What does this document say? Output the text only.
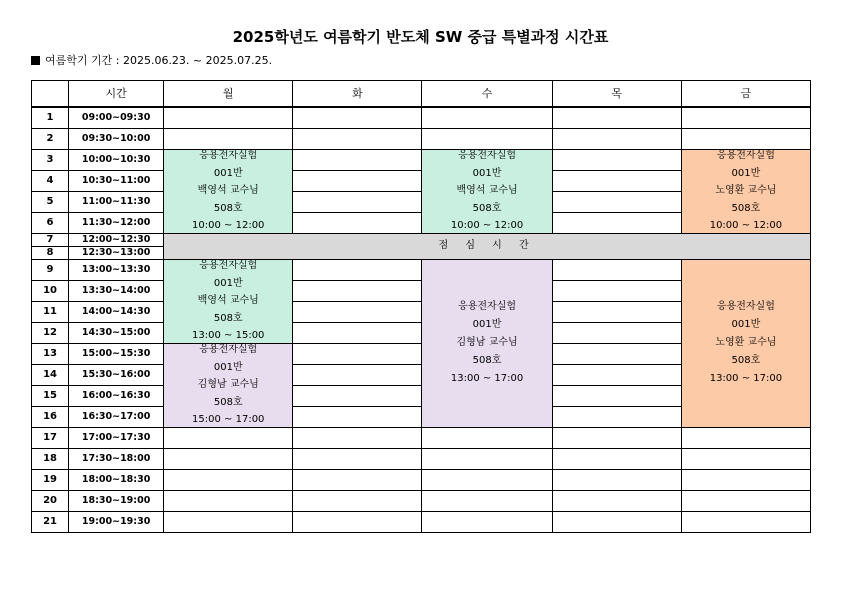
2025학년도 여름학기 반도체 SW 중급 특별과정 시간표
여름학기 기간 : 2025.06.23. ~ 2025.07.25.
	시간	월	화	수	목	금
1	09:00~09:30					
2	09:30~10:00					
3	10:00~10:30	응용전자실험
001반
백영석 교수님
508호
10:00 ~ 12:00		응용전자실험
001반
백영석 교수님
508호
10:00 ~ 12:00		응용전자실험
001반
노영환 교수님
508호
10:00 ~ 12:00

4	10:30~11:00					
5	11:00~11:30					
6	11:30~12:00					
7	12:00~12:30	점 심 시 간				
8	12:30~13:00					
9	13:00~13:30	응용전자실험
001반
백영석 교수님
508호
13:00 ~ 15:00		응용전자실험
001반
김형남 교수님
508호
13:00 ~ 17:00		응용전자실험
001반
노영환 교수님
508호
13:00 ~ 17:00

10	13:30~14:00					
11	14:00~14:30					
12	14:30~15:00					
13	15:00~15:30	응용전자실험
001반
김형남 교수님
508호
15:00 ~ 17:00				

14	15:30~16:00					
15	16:00~16:30					
16	16:30~17:00					
17	17:00~17:30					
18	17:30~18:00					
19	18:00~18:30					
20	18:30~19:00					
21	19:00~19:30					
